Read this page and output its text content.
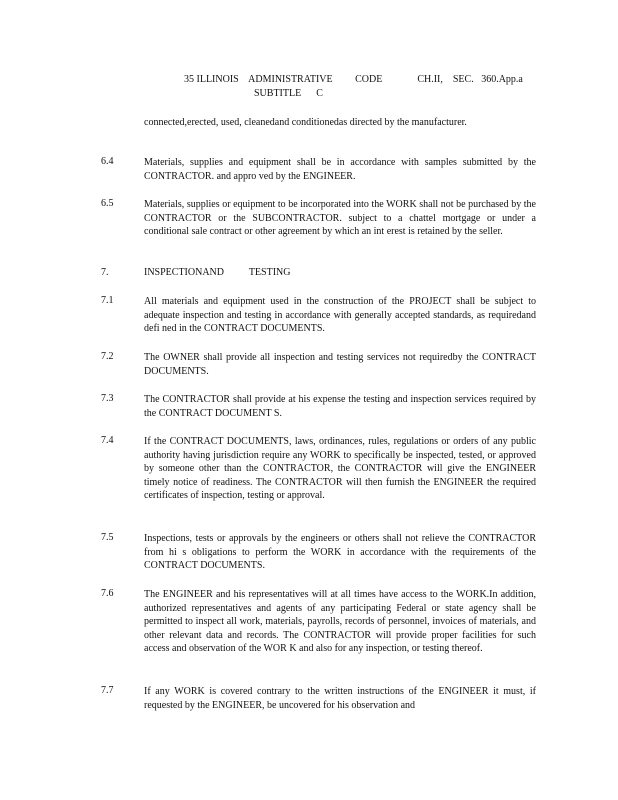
35 ILLINOIS    ADMINISTRATIVE         CODE              CH.II,    SEC.   360.App.a
SUBTITLE      C
connected,erected, used, cleanedand conditionedas directed by the manufacturer.
6.4	Materials, supplies and equipment shall be in accordance with samples submitted by the CONTRACTOR. and appro ved by the ENGINEER.
6.5	Materials, supplies or equipment to be incorporated into the WORK shall not be purchased by the CONTRACTOR or the SUBCONTRACTOR. subject to a chattel mortgage or under a conditional sale contract or other agreement by which an int erest is retained by the seller.
7.	INSPECTIONAND          TESTING
7.1	All materials and equipment used in the construction of the PROJECT shall be subject to adequate inspection and testing in accordance with generally accepted standards, as requiredand defi ned in the CONTRACT DOCUMENTS.
7.2	The OWNER shall provide all inspection and testing services not requiredby the CONTRACT DOCUMENTS.
7.3	The CONTRACTOR shall provide at his expense the testing and inspection services required by the CONTRACT DOCUMENT S.
7.4	If the CONTRACT DOCUMENTS, laws, ordinances, rules, regulations or orders of any public authority having jurisdiction require any WORK to specifically be inspected, tested, or approved by someone other than the CONTRACTOR, the CONTRACTOR will give the ENGINEER timely notice of readiness. The CONTRACTOR will then furnish the ENGINEER the required certificates of inspection, testing or approval.
7.5	Inspections, tests or approvals by the engineers or others shall not relieve the CONTRACTOR from hi s obligations to perform the WORK in accordance with the requirements of the CONTRACT DOCUMENTS.
7.6	The ENGINEER and his representatives will at all times have access to the WORK.In addition, authorized representatives and agents of any participating Federal or state agency shall be permitted to inspect all work, materials, payrolls, records of personnel, invoices of materials, and other relevant data and records. The CONTRACTOR will provide proper facilities for such access and observation of the WOR K and also for any inspection, or testing thereof.
7.7	If any WORK is covered contrary to the written instructions of the ENGINEER it must, if requested by the ENGINEER, be uncovered for his observation and
